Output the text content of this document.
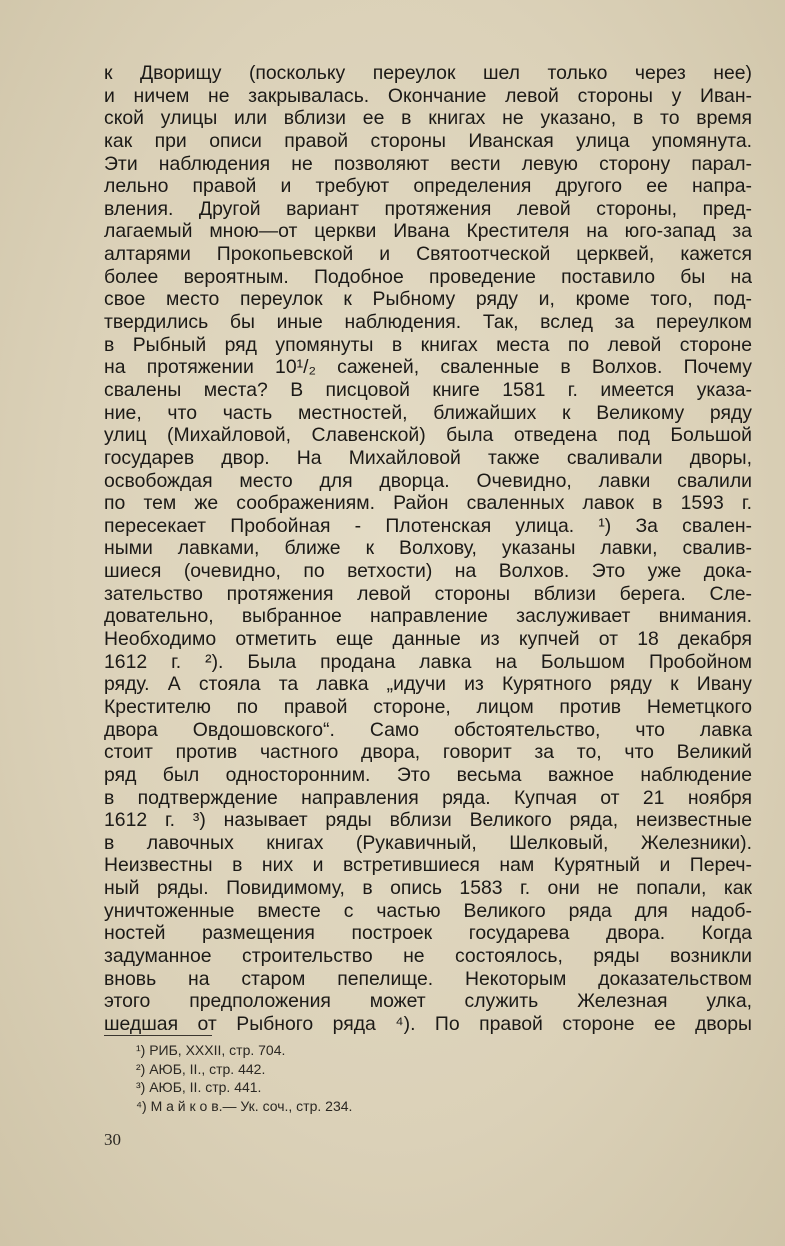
к Дворищу (поскольку переулок шел только через нее)
и ничем не закрывалась. Окончание левой стороны у Иван-
ской улицы или вблизи ее в книгах не указано, в то время
как при описи правой стороны Иванская улица упомянута.
Эти наблюдения не позволяют вести левую сторону парал-
лельно правой и требуют определения другого ее напра-
вления. Другой вариант протяжения левой стороны, пред-
лагаемый мною—от церкви Ивана Крестителя на юго-запад за
алтарями Прокопьевской и Святоотческой церквей, кажется
более вероятным. Подобное проведение поставило бы на
свое место переулок к Рыбному ряду и, кроме того, под-
твердились бы иные наблюдения. Так, вслед за переулком
в Рыбный ряд упомянуты в книгах места по левой стороне
на протяжении 10¹/₂ саженей, сваленные в Волхов. Почему
свалены места? В писцовой книге 1581 г. имеется указа-
ние, что часть местностей, ближайших к Великому ряду
улиц (Михайловой, Славенской) была отведена под Большой
государев двор. На Михайловой также сваливали дворы,
освобождая место для дворца. Очевидно, лавки свалили
по тем же соображениям. Район сваленных лавок в 1593 г.
пересекает Пробойная - Плотенская улица. ¹) За свален-
ными лавками, ближе к Волхову, указаны лавки, свалив-
шиеся (очевидно, по ветхости) на Волхов. Это уже дока-
зательство протяжения левой стороны вблизи берега. Сле-
довательно, выбранное направление заслуживает внимания.
Необходимо отметить еще данные из купчей от 18 декабря
1612 г. ²). Была продана лавка на Большом Пробойном
ряду. А стояла та лавка „идучи из Курятного ряду к Ивану
Крестителю по правой стороне, лицом против Неметцкого
двора Овдошовского“. Само обстоятельство, что лавка
стоит против частного двора, говорит за то, что Великий
ряд был односторонним. Это весьма важное наблюдение
в подтверждение направления ряда. Купчая от 21 ноября
1612 г. ³) называет ряды вблизи Великого ряда, неизвестные
в лавочных книгах (Рукавичный, Шелковый, Железники).
Неизвестны в них и встретившиеся нам Курятный и Переч-
ный ряды. Повидимому, в опись 1583 г. они не попали, как
уничтоженные вместе с частью Великого ряда для надоб-
ностей размещения построек государева двора. Когда
задуманное строительство не состоялось, ряды возникли
вновь на старом пепелище. Некоторым доказательством
этого предположения может служить Железная улка,
шедшая от Рыбного ряда ⁴). По правой стороне ее дворы
¹) РИБ, XXXII, стр. 704.
²) АЮБ, II., стр. 442.
³) АЮБ, II. стр. 441.
⁴) М а й к о в.— Ук. соч., стр. 234.
30
